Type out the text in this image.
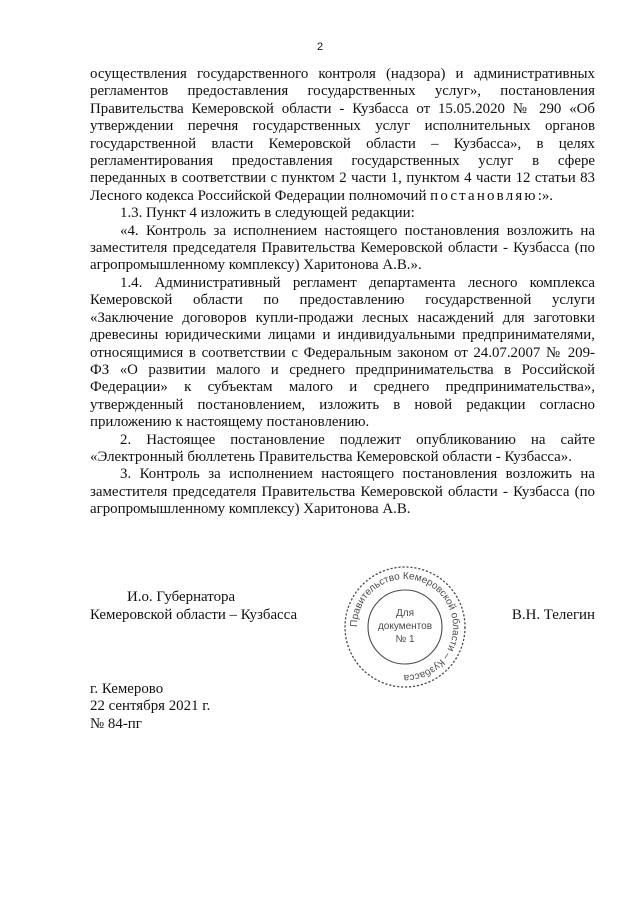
2

осуществления государственного контроля (надзора) и административных регламентов предоставления государственных услуг», постановления Правительства Кемеровской области - Кузбасса от 15.05.2020 № 290 «Об утверждении перечня государственных услуг исполнительных органов государственной власти Кемеровской области – Кузбасса», в целях регламентирования предоставления государственных услуг в сфере переданных в соответствии с пунктом 2 части 1, пунктом 4 части 12 статьи 83 Лесного кодекса Российской Федерации полномочий постановляю:».

1.3. Пункт 4 изложить в следующей редакции:

«4. Контроль за исполнением настоящего постановления возложить на заместителя председателя Правительства Кемеровской области - Кузбасса (по агропромышленному комплексу) Харитонова А.В.».

1.4. Административный регламент департамента лесного комплекса Кемеровской области по предоставлению государственной услуги «Заключение договоров купли-продажи лесных насаждений для заготовки древесины юридическими лицами и индивидуальными предпринимателями, относящимися в соответствии с Федеральным законом от 24.07.2007 № 209-ФЗ «О развитии малого и среднего предпринимательства в Российской Федерации» к субъектам малого и среднего предпринимательства», утвержденный постановлением, изложить в новой редакции согласно приложению к настоящему постановлению.

2. Настоящее постановление подлежит опубликованию на сайте «Электронный бюллетень Правительства Кемеровской области - Кузбасса».

3. Контроль за исполнением настоящего постановления возложить на заместителя председателя Правительства Кемеровской области - Кузбасса (по агропромышленному комплексу) Харитонова А.В.

И.о. Губернатора
Кемеровской области – Кузбасса
Правительство Кемеровской области – Кузбасса
Для
документов
№ 1
В.Н. Телегин
г. Кемерово
22 сентября 2021 г.
№ 84-пг
